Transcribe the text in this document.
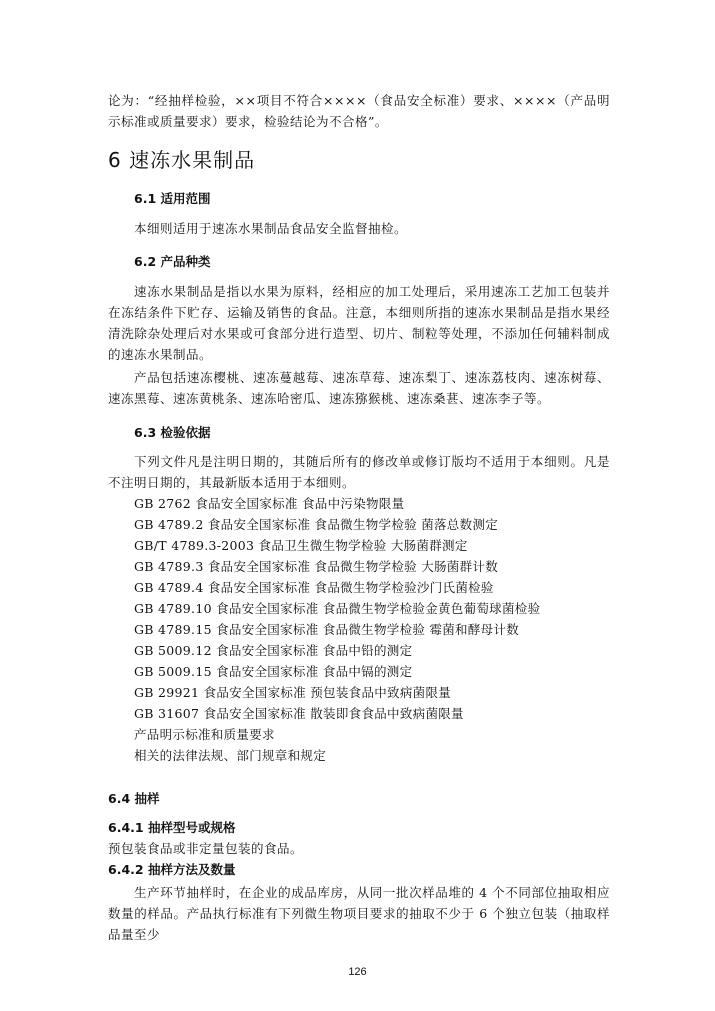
论为：“经抽样检验，××项目不符合××××（食品安全标准）要求、××××（产品明示标准或质量要求）要求，检验结论为不合格”。

6 速冻水果制品
6.1 适用范围

本细则适用于速冻水果制品食品安全监督抽检。

6.2 产品种类

速冻水果制品是指以水果为原料，经相应的加工处理后，采用速冻工艺加工包装并在冻结条件下贮存、运输及销售的食品。注意，本细则所指的速冻水果制品是指水果经清洗除杂处理后对水果或可食部分进行造型、切片、制粒等处理，不添加任何辅料制成的速冻水果制品。

产品包括速冻樱桃、速冻蔓越莓、速冻草莓、速冻梨丁、速冻荔枝肉、速冻树莓、速冻黑莓、速冻黄桃条、速冻哈密瓜、速冻猕猴桃、速冻桑葚、速冻李子等。

6.3 检验依据

下列文件凡是注明日期的，其随后所有的修改单或修订版均不适用于本细则。凡是不注明日期的，其最新版本适用于本细则。

GB 2762 食品安全国家标准 食品中污染物限量
GB 4789.2 食品安全国家标准 食品微生物学检验 菌落总数测定
GB/T 4789.3-2003 食品卫生微生物学检验 大肠菌群测定
GB 4789.3 食品安全国家标准 食品微生物学检验 大肠菌群计数
GB 4789.4 食品安全国家标准 食品微生物学检验沙门氏菌检验
GB 4789.10 食品安全国家标准 食品微生物学检验金黄色葡萄球菌检验
GB 4789.15 食品安全国家标准 食品微生物学检验 霉菌和酵母计数
GB 5009.12 食品安全国家标准 食品中铅的测定
GB 5009.15 食品安全国家标准 食品中镉的测定
GB 29921 食品安全国家标准 预包装食品中致病菌限量
GB 31607 食品安全国家标准 散装即食食品中致病菌限量
产品明示标准和质量要求
相关的法律法规、部门规章和规定
6.4 抽样
6.4.1 抽样型号或规格

预包装食品或非定量包装的食品。

6.4.2 抽样方法及数量

生产环节抽样时，在企业的成品库房，从同一批次样品堆的 4 个不同部位抽取相应数量的样品。产品执行标准有下列微生物项目要求的抽取不少于 6 个独立包装（抽取样品量至少

126
